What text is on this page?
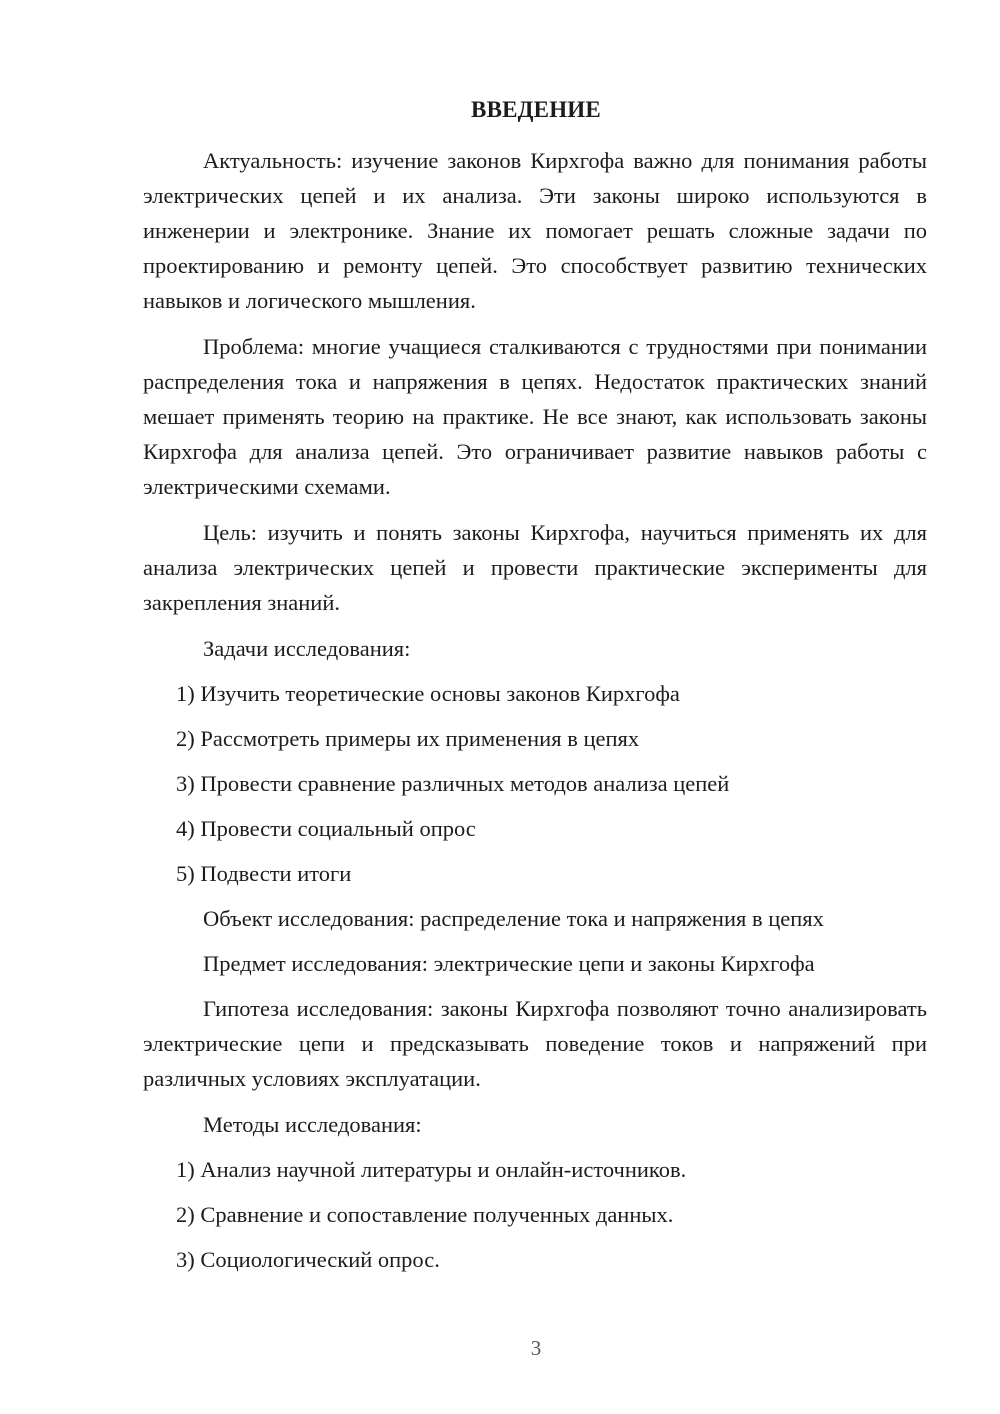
ВВЕДЕНИЕ

Актуальность: изучение законов Кирхгофа важно для понимания работы электрических цепей и их анализа. Эти законы широко используются в инженерии и электронике. Знание их помогает решать сложные задачи по проектированию и ремонту цепей. Это способствует развитию технических навыков и логического мышления.

Проблема: многие учащиеся сталкиваются с трудностями при понимании распределения тока и напряжения в цепях. Недостаток практических знаний мешает применять теорию на практике. Не все знают, как использовать законы Кирхгофа для анализа цепей. Это ограничивает развитие навыков работы с электрическими схемами.

Цель: изучить и понять законы Кирхгофа, научиться применять их для анализа электрических цепей и провести практические эксперименты для закрепления знаний.

Задачи исследования:

1) Изучить теоретические основы законов Кирхгофа
2) Рассмотреть примеры их применения в цепях
3) Провести сравнение различных методов анализа цепей
4) Провести социальный опрос
5) Подвести итоги

Объект исследования: распределение тока и напряжения в цепях

Предмет исследования: электрические цепи и законы Кирхгофа

Гипотеза исследования: законы Кирхгофа позволяют точно анализировать электрические цепи и предсказывать поведение токов и напряжений при различных условиях эксплуатации.

Методы исследования:

1) Анализ научной литературы и онлайн-источников.
2) Сравнение и сопоставление полученных данных.
3) Социологический опрос.
3
